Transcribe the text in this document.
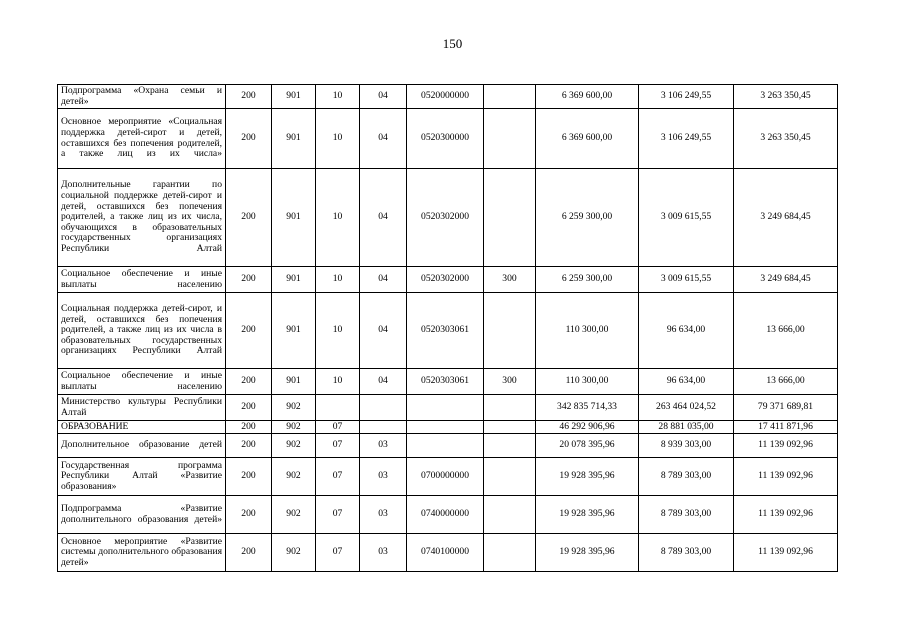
150
Подпрограмма «Охрана семьи и детей»	200	901	10	04	0520000000		6 369 600,00	3 106 249,55	3 263 350,45
Основное мероприятие «Социальная поддержка детей-сирот и детей, оставшихся без попечения родителей, а также лиц из их числа»	200	901	10	04	0520300000		6 369 600,00	3 106 249,55	3 263 350,45
Дополнительные гарантии по социальной поддержке детей-сирот и детей, оставшихся без попечения родителей, а также лиц из их числа, обучающихся в образовательных государственных организациях Республики Алтай	200	901	10	04	0520302000		6 259 300,00	3 009 615,55	3 249 684,45
Социальное обеспечение и иные выплаты населению	200	901	10	04	0520302000	300	6 259 300,00	3 009 615,55	3 249 684,45
Социальная поддержка детей-сирот, и детей, оставшихся без попечения родителей, а также лиц из их числа в образовательных государственных организациях Республики Алтай	200	901	10	04	0520303061		110 300,00	96 634,00	13 666,00
Социальное обеспечение и иные выплаты населению	200	901	10	04	0520303061	300	110 300,00	96 634,00	13 666,00
Министерство культуры Республики Алтай	200	902					342 835 714,33	263 464 024,52	79 371 689,81
ОБРАЗОВАНИЕ	200	902	07				46 292 906,96	28 881 035,00	17 411 871,96
Дополнительное образование детей	200	902	07	03			20 078 395,96	8 939 303,00	11 139 092,96
Государственная программа Республики Алтай «Развитие образования»	200	902	07	03	0700000000		19 928 395,96	8 789 303,00	11 139 092,96
Подпрограмма «Развитие дополнительного образования детей»	200	902	07	03	0740000000		19 928 395,96	8 789 303,00	11 139 092,96
Основное мероприятие «Развитие системы дополнительного образования детей»	200	902	07	03	0740100000		19 928 395,96	8 789 303,00	11 139 092,96
